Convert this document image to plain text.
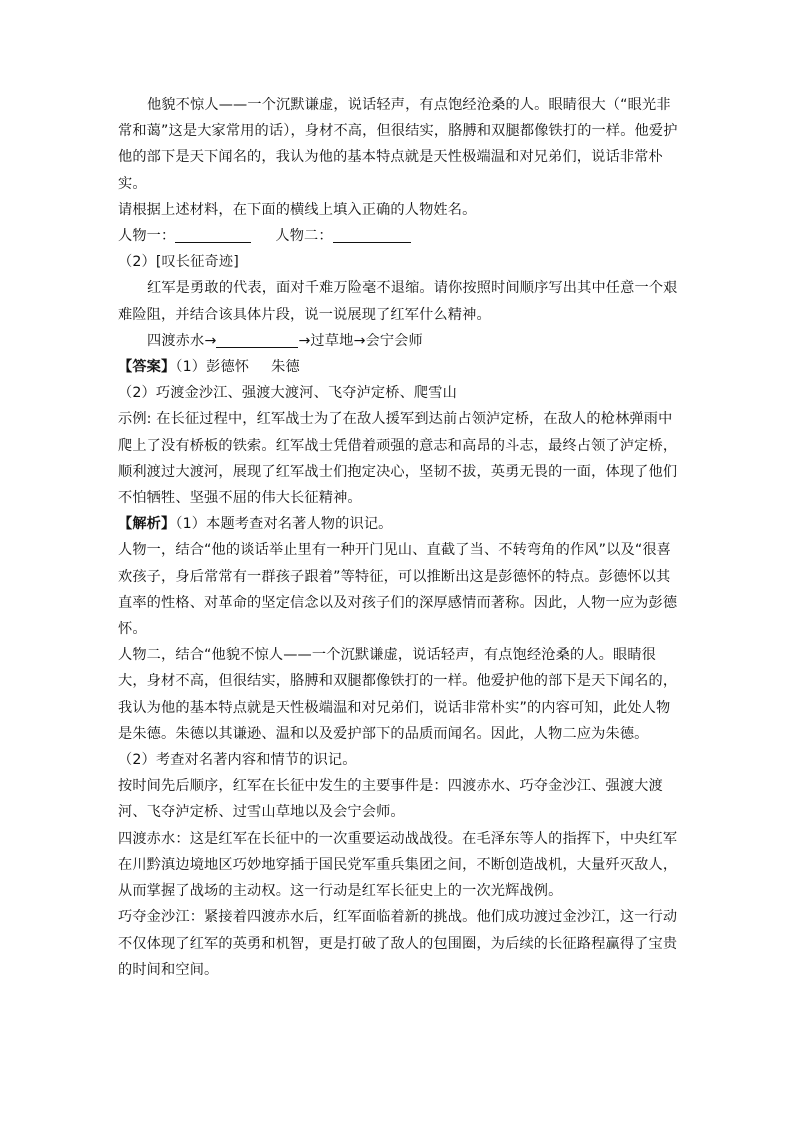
他貌不惊人——一个沉默谦虚，说话轻声，有点饱经沧桑的人。眼睛很大（“眼光非常和蔼”这是大家常用的话），身材不高，但很结实，胳膊和双腿都像铁打的一样。他爱护他的部下是天下闻名的，我认为他的基本特点就是天性极端温和对兄弟们，说话非常朴实。

请根据上述材料，在下面的横线上填入正确的人物姓名。

人物一：	人物二：

（2）[叹长征奇迹]

红军是勇敢的代表，面对千难万险毫不退缩。请你按照时间顺序写出其中任意一个艰难险阻，并结合该具体片段，说一说展现了红军什么精神。

四渡赤水→	→过草地→会宁会师

【答案】（1）彭德怀 朱德

（2）巧渡金沙江、强渡大渡河、飞夺泸定桥、爬雪山

示例: 在长征过程中，红军战士为了在敌人援军到达前占领泸定桥，在敌人的枪林弹雨中爬上了没有桥板的铁索。红军战士凭借着顽强的意志和高昂的斗志，最终占领了泸定桥，顺利渡过大渡河，展现了红军战士们抱定决心，坚韧不拔，英勇无畏的一面，体现了他们不怕牺牲、坚强不屈的伟大长征精神。

【解析】（1）本题考查对名著人物的识记。

人物一，结合“他的谈话举止里有一种开门见山、直截了当、不转弯角的作风”以及“很喜欢孩子，身后常常有一群孩子跟着”等特征，可以推断出这是彭德怀的特点。彭德怀以其直率的性格、对革命的坚定信念以及对孩子们的深厚感情而著称。因此，人物一应为彭德怀。

人物二，结合“他貌不惊人——一个沉默谦虚，说话轻声，有点饱经沧桑的人。眼睛很大，身材不高，但很结实，胳膊和双腿都像铁打的一样。他爱护他的部下是天下闻名的，我认为他的基本特点就是天性极端温和对兄弟们，说话非常朴实”的内容可知，此处人物是朱德。朱德以其谦逊、温和以及爱护部下的品质而闻名。因此，人物二应为朱德。

（2）考查对名著内容和情节的识记。

按时间先后顺序，红军在长征中发生的主要事件是：四渡赤水、巧夺金沙江、强渡大渡河、飞夺泸定桥、过雪山草地以及会宁会师。

四渡赤水：这是红军在长征中的一次重要运动战战役。在毛泽东等人的指挥下，中央红军在川黔滇边境地区巧妙地穿插于国民党军重兵集团之间，不断创造战机，大量歼灭敌人，从而掌握了战场的主动权。这一行动是红军长征史上的一次光辉战例。

巧夺金沙江：紧接着四渡赤水后，红军面临着新的挑战。他们成功渡过金沙江，这一行动不仅体现了红军的英勇和机智，更是打破了敌人的包围圈，为后续的长征路程赢得了宝贵的时间和空间。
